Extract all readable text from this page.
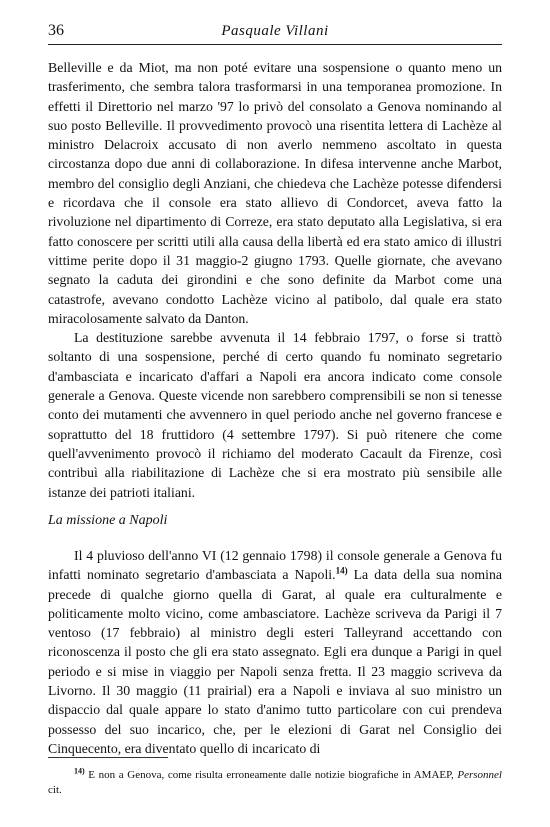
36	Pasquale Villani

Belleville e da Miot, ma non poté evitare una sospensione o quanto meno un trasferimento, che sembra talora trasformarsi in una temporanea promozione. In effetti il Direttorio nel marzo '97 lo privò del consolato a Genova nominando al suo posto Belleville. Il provvedimento provocò una risentita lettera di Lachèze al ministro Delacroix accusato di non averlo nemmeno ascoltato in questa circostanza dopo due anni di collaborazione. In difesa intervenne anche Marbot, membro del consiglio degli Anziani, che chiedeva che Lachèze potesse difendersi e ricordava che il console era stato allievo di Condorcet, aveva fatto la rivoluzione nel dipartimento di Correze, era stato deputato alla Legislativa, si era fatto conoscere per scritti utili alla causa della libertà ed era stato amico di illustri vittime perite dopo il 31 maggio-2 giugno 1793. Quelle giornate, che avevano segnato la caduta dei girondini e che sono definite da Marbot come una catastrofe, avevano condotto Lachèze vicino al patibolo, dal quale era stato miracolosamente salvato da Danton.

La destituzione sarebbe avvenuta il 14 febbraio 1797, o forse si trattò soltanto di una sospensione, perché di certo quando fu nominato segretario d'ambasciata e incaricato d'affari a Napoli era ancora indicato come console generale a Genova. Queste vicende non sarebbero comprensibili se non si tenesse conto dei mutamenti che avvennero in quel periodo anche nel governo francese e soprattutto del 18 fruttidoro (4 settembre 1797). Si può ritenere che come quell'avvenimento provocò il richiamo del moderato Cacault da Firenze, così contribuì alla riabilitazione di Lachèze che si era mostrato più sensibile alle istanze dei patrioti italiani.

La missione a Napoli

Il 4 pluvioso dell'anno VI (12 gennaio 1798) il console generale a Genova fu infatti nominato segretario d'ambasciata a Napoli.$^{14)}$ La data della sua nomina precede di qualche giorno quella di Garat, al quale era culturalmente e politicamente molto vicino, come ambasciatore. Lachèze scriveva da Parigi il 7 ventoso (17 febbraio) al ministro degli esteri Talleyrand accettando con riconoscenza il posto che gli era stato assegnato. Egli era dunque a Parigi in quel periodo e si mise in viaggio per Napoli senza fretta. Il 23 maggio scriveva da Livorno. Il 30 maggio (11 prairial) era a Napoli e inviava al suo ministro un dispaccio dal quale appare lo stato d'animo tutto particolare con cui prendeva possesso del suo incarico, che, per le elezioni di Garat nel Consiglio dei Cinquecento, era diventato quello di incaricato di

$^{14)}$ E non a Genova, come risulta erroneamente dalle notizie biografiche in AMAEP, Personnel cit.
